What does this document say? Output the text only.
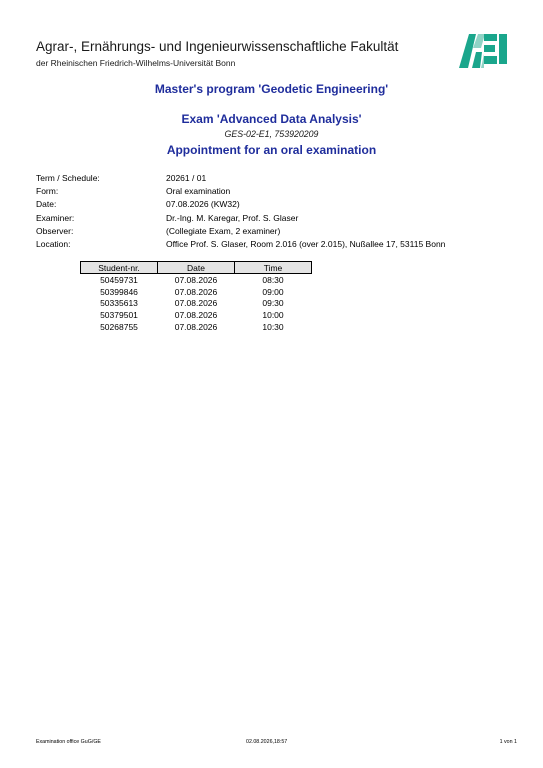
Agrar-, Ernährungs- und Ingenieurwissenschaftliche Fakultät
der Rheinischen Friedrich-Wilhelms-Universität Bonn
Master's program 'Geodetic Engineering'
Exam 'Advanced Data Analysis'
GES-02-E1, 753920209
Appointment for an oral examination
Term / Schedule:	20261 / 01
Form:	Oral examination
Date:	07.08.2026 (KW32)
Examiner:	Dr.-Ing. M. Karegar, Prof. S. Glaser
Observer:	(Collegiate Exam, 2 examiner)
Location:	Office Prof. S. Glaser, Room 2.016 (over 2.015), Nußallee 17, 53115 Bonn
Student-nr.	Date	Time
50459731	07.08.2026	08:30
50399846	07.08.2026	09:00
50335613	07.08.2026	09:30
50379501	07.08.2026	10:00
50268755	07.08.2026	10:30
Examination office GuG/GE	02.08.2026,18:57	1 von 1
